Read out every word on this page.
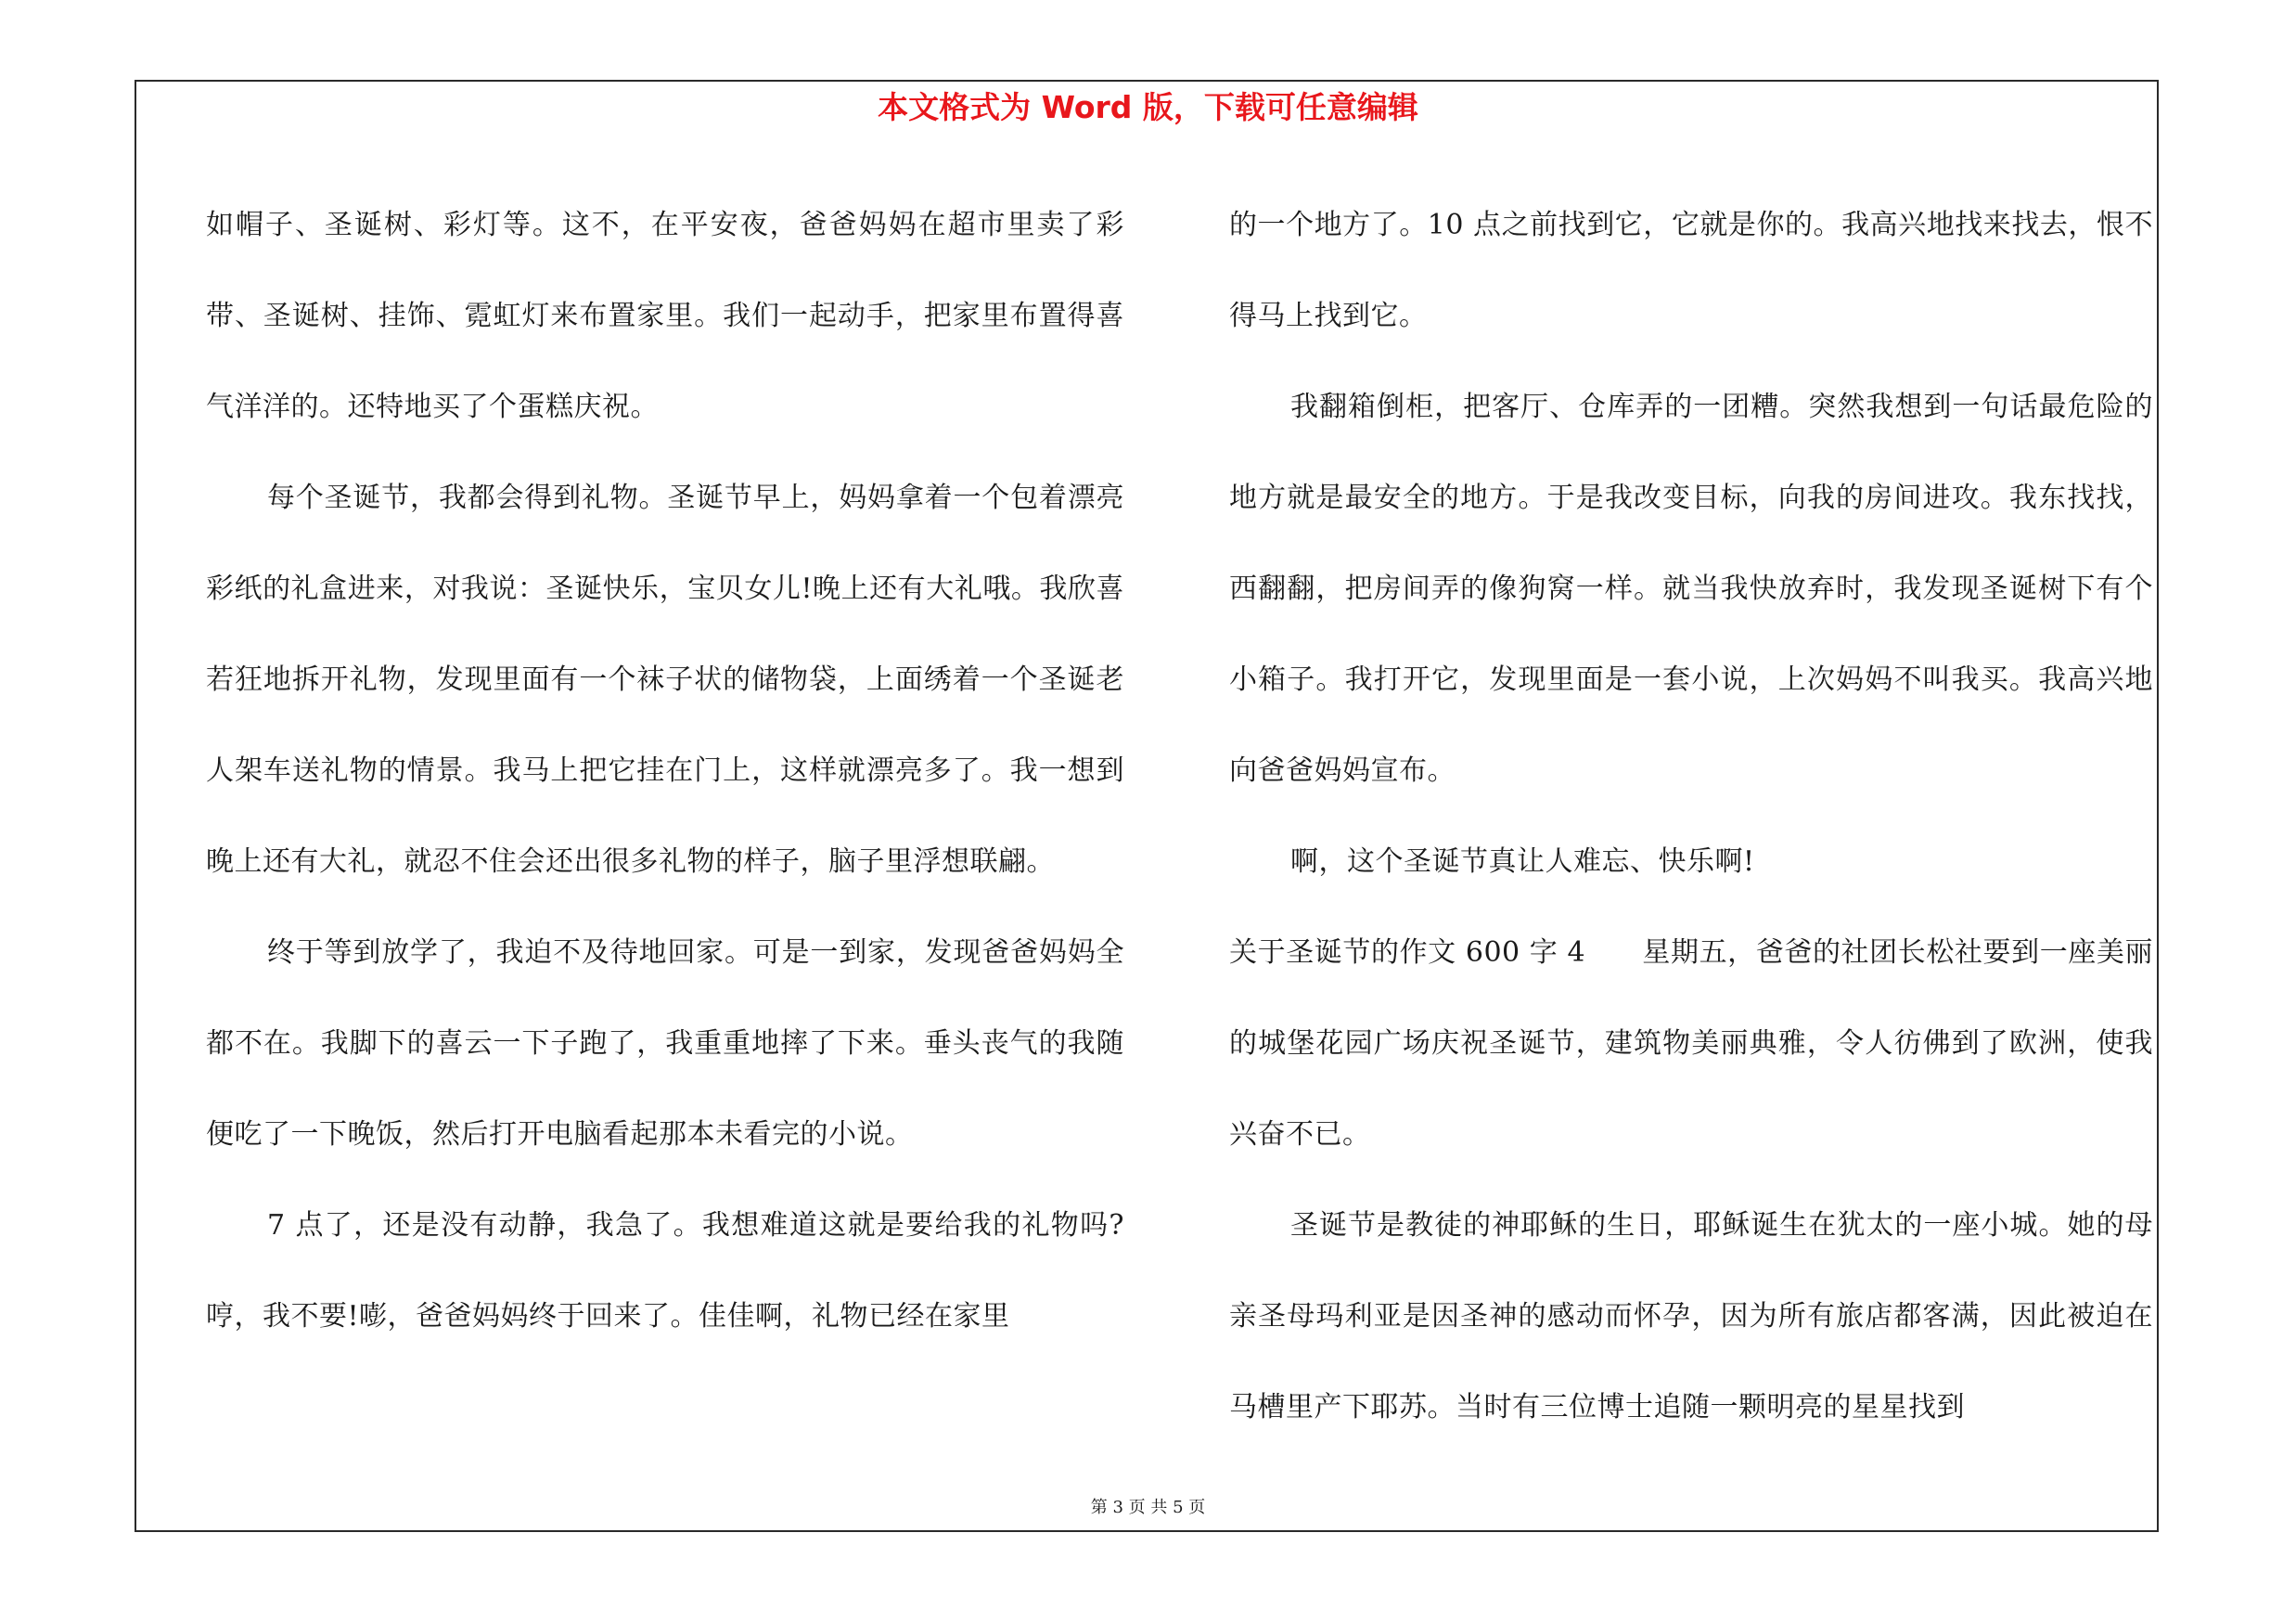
本文格式为 Word 版，下载可任意编辑

如帽子、圣诞树、彩灯等。这不，在平安夜，爸爸妈妈在超市里卖了彩带、圣诞树、挂饰、霓虹灯来布置家里。我们一起动手，把家里布置得喜气洋洋的。还特地买了个蛋糕庆祝。

每个圣诞节，我都会得到礼物。圣诞节早上，妈妈拿着一个包着漂亮彩纸的礼盒进来，对我说：圣诞快乐，宝贝女儿!晚上还有大礼哦。我欣喜若狂地拆开礼物，发现里面有一个袜子状的储物袋，上面绣着一个圣诞老人架车送礼物的情景。我马上把它挂在门上，这样就漂亮多了。我一想到晚上还有大礼，就忍不住会还出很多礼物的样子，脑子里浮想联翩。

终于等到放学了，我迫不及待地回家。可是一到家，发现爸爸妈妈全都不在。我脚下的喜云一下子跑了，我重重地摔了下来。垂头丧气的我随便吃了一下晚饭，然后打开电脑看起那本未看完的小说。

7 点了，还是没有动静，我急了。我想难道这就是要给我的礼物吗?哼，我不要!嘭，爸爸妈妈终于回来了。佳佳啊，礼物已经在家里

的一个地方了。10 点之前找到它，它就是你的。我高兴地找来找去，恨不得马上找到它。

我翻箱倒柜，把客厅、仓库弄的一团糟。突然我想到一句话最危险的地方就是最安全的地方。于是我改变目标，向我的房间进攻。我东找找，西翻翻，把房间弄的像狗窝一样。就当我快放弃时，我发现圣诞树下有个小箱子。我打开它，发现里面是一套小说，上次妈妈不叫我买。我高兴地向爸爸妈妈宣布。

啊，这个圣诞节真让人难忘、快乐啊!

关于圣诞节的作文 600 字 4　　星期五，爸爸的社团长松社要到一座美丽的城堡花园广场庆祝圣诞节，建筑物美丽典雅，令人彷佛到了欧洲，使我兴奋不已。

圣诞节是教徒的神耶稣的生日，耶稣诞生在犹太的一座小城。她的母亲圣母玛利亚是因圣神的感动而怀孕，因为所有旅店都客满，因此被迫在马槽里产下耶苏。当时有三位博士追随一颗明亮的星星找到

第 3 页 共 5 页
